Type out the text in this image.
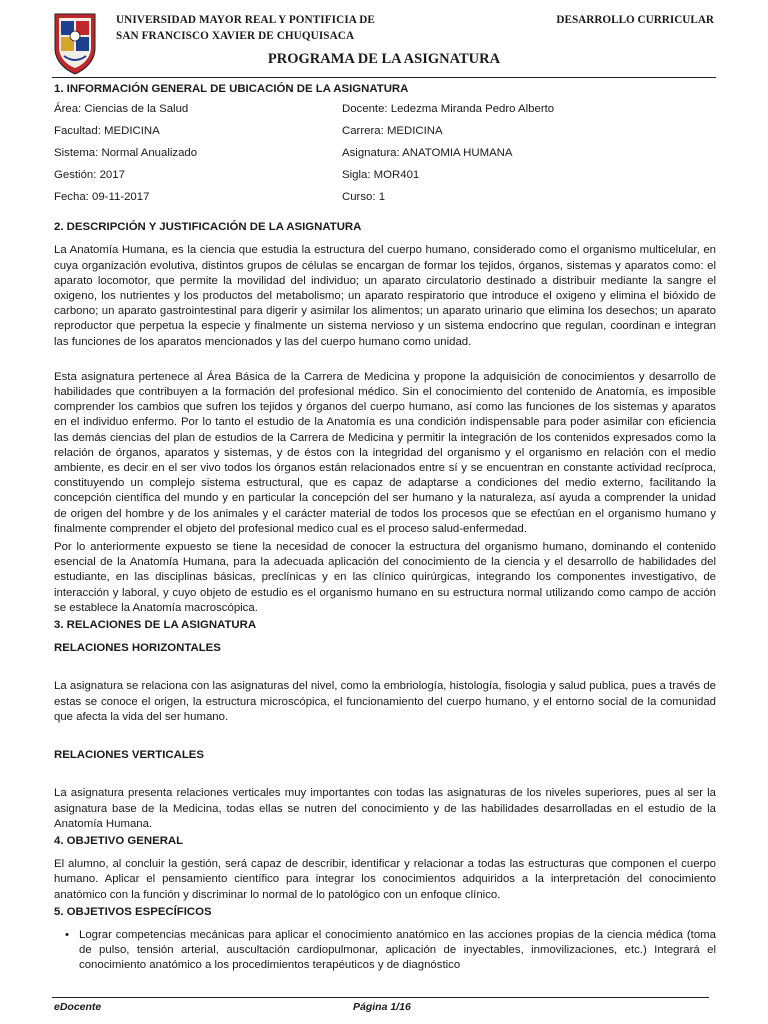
UNIVERSIDAD MAYOR REAL Y PONTIFICIA DE
SAN FRANCISCO XAVIER DE CHUQUISACA
DESARROLLO CURRICULAR
PROGRAMA DE LA ASIGNATURA
1. INFORMACIÓN GENERAL DE UBICACIÓN DE LA ASIGNATURA
Área: Ciencias de la Salud	Docente: Ledezma Miranda Pedro Alberto
Facultad: MEDICINA	Carrera: MEDICINA
Sistema: Normal Anualizado	Asignatura: ANATOMIA HUMANA
Gestión: 2017	Sigla: MOR401
Fecha: 09-11-2017	Curso: 1
2. DESCRIPCIÓN Y JUSTIFICACIÓN DE LA ASIGNATURA

La Anatomía Humana, es la ciencia que estudia la estructura del cuerpo humano, considerado como el organismo multicelular, en cuya organización evolutiva, distintos grupos de células se encargan de formar los tejidos, órganos, sistemas y aparatos como: el aparato locomotor, que permite la movilidad del individuo; un aparato circulatorio destinado a distribuir mediante la sangre el oxigeno, los nutrientes y los productos del metabolismo; un aparato respiratorio que introduce el oxigeno y elimina el bióxido de carbono; un aparato gastrointestinal para digerir y asimilar los alimentos; un aparato urinario que elimina los desechos; un aparato reproductor que perpetua la especie y finalmente un sistema nervioso y un sistema endocrino que regulan, coordinan e integran las funciones de los aparatos mencionados y las del cuerpo humano como unidad.

Esta asignatura pertenece al Área Básica de la Carrera de Medicina y propone la adquisición de conocimientos y desarrollo de habilidades que contribuyen a la formación del profesional médico. Sin el conocimiento del contenido de Anatomía, es imposible comprender los cambios que sufren los tejidos y órganos del cuerpo humano, así como las funciones de los sistemas y aparatos en el individuo enfermo. Por lo tanto el estudio de la Anatomía es una condición indispensable para poder asimilar con eficiencia las demás ciencias del plan de estudios de la Carrera de Medicina y permitir la integración de los contenidos expresados como la relación de órganos, aparatos y sistemas, y de éstos con la integridad del organismo y el organismo en relación con el medio ambiente, es decir en el ser vivo todos los órganos están relacionados entre sí y se encuentran en constante actividad recíproca, constituyendo un complejo sistema estructural, que es capaz de adaptarse a condiciones del medio externo, facilitando la concepción científica del mundo y en particular la concepción del ser humano y la naturaleza, así ayuda a comprender la unidad de origen del hombre y de los animales y el carácter material de todos los procesos que se efectúan en el organismo humano y finalmente comprender el objeto del profesional medico cual es el proceso salud-enfermedad.

Por lo anteriormente expuesto se tiene la necesidad de conocer la estructura del organismo humano, dominando el contenido esencial de la Anatomía Humana, para la adecuada aplicación del conocimiento de la ciencia y el desarrollo de habilidades del estudiante, en las disciplinas básicas, preclínicas y en las clínico quirúrgicas, integrando los componentes investigativo, de interacción y laboral, y cuyo objeto de estudio es el organismo humano en su estructura normal utilizando como campo de acción se establece la Anatomía macroscópica.

3. RELACIONES DE LA ASIGNATURA
RELACIONES HORIZONTALES

La asignatura se relaciona con las asignaturas del nivel, como la embriología, histología, fisologia y salud publica, pues a través de estas se conoce el origen, la estructura microscópica, el funcionamiento del cuerpo humano, y el entorno social de la comunidad que afecta la vida del ser humano.

RELACIONES VERTICALES

La asignatura presenta relaciones verticales muy importantes con todas las asignaturas de los niveles superiores, pues al ser la asignatura base de la Medicina, todas ellas se nutren del conocimiento y de las habilidades desarrolladas en el estudio de la Anatomía Humana.

4. OBJETIVO GENERAL

El alumno, al concluir la gestión, será capaz de describir, identificar y relacionar a todas las estructuras que componen el cuerpo humano. Aplicar el pensamiento científico para integrar los conocimientos adquiridos a la interpretación del conocimiento anatómico con la función y discriminar lo normal de lo patológico con un enfoque clínico.

5. OBJETIVOS ESPECÍFICOS
• Lograr competencias mecánicas para aplicar el conocimiento anatómico en las acciones propias de la ciencia médica (toma de pulso, tensión arterial, auscultación cardiopulmonar, aplicación de inyectables, inmovilizaciones, etc.) Integrará el conocimiento anatómico a los procedimientos terapéuticos y de diagnóstico
eDocente	Página 1/16
